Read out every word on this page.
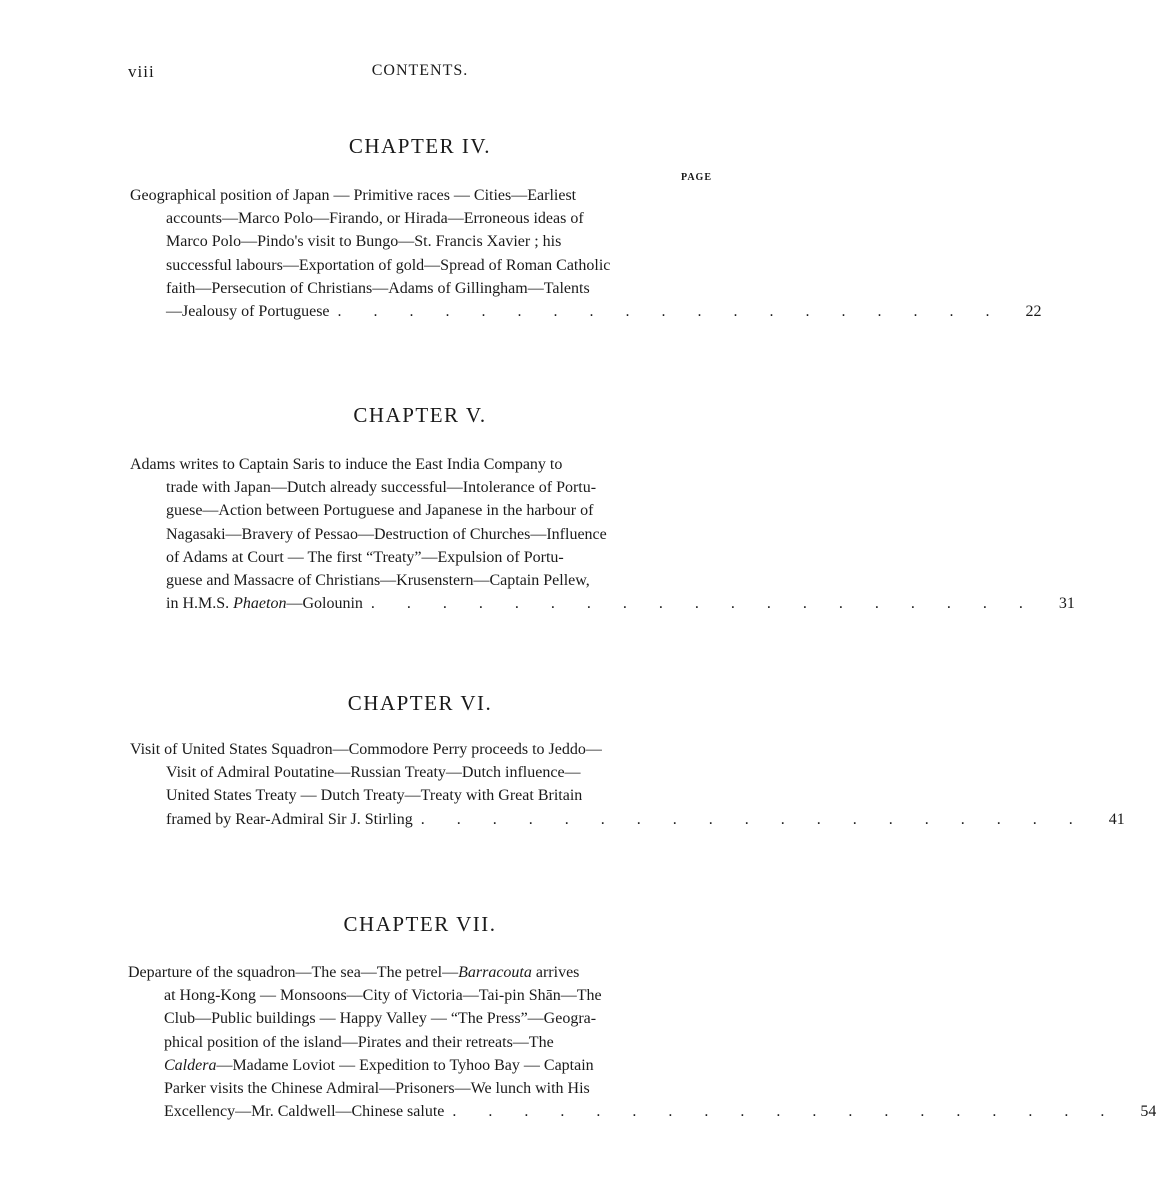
viii	CONTENTS.
CHAPTER IV.
PAGE
Geographical position of Japan — Primitive races — Cities—Earliest
accounts—Marco Polo—Firando, or Hirada—Erroneous ideas of
Marco Polo—Pindo's visit to Bungo—St. Francis Xavier ; his
successful labours—Exportation of gold—Spread of Roman Catholic
faith—Persecution of Christians—Adams of Gillingham—Talents
—Jealousy of Portuguese . . . . . . . . . . . . . . . . . . .	22
CHAPTER V.
Adams writes to Captain Saris to induce the East India Company to
trade with Japan—Dutch already successful—Intolerance of Portu-
guese—Action between Portuguese and Japanese in the harbour of
Nagasaki—Bravery of Pessao—Destruction of Churches—Influence
of Adams at Court — The first “Treaty”—Expulsion of Portu-
guese and Massacre of Christians—Krusenstern—Captain Pellew,
in H.M.S. Phaeton—Golounin . . . . . . . . . . . . . . . . . . .	31
CHAPTER VI.
Visit of United States Squadron—Commodore Perry proceeds to Jeddo—
Visit of Admiral Poutatine—Russian Treaty—Dutch influence—
United States Treaty — Dutch Treaty—Treaty with Great Britain
framed by Rear-Admiral Sir J. Stirling . . . . . . . . . . . . . . . . . . .	41
CHAPTER VII.
Departure of the squadron—The sea—The petrel—Barracouta arrives
at Hong-Kong — Monsoons—City of Victoria—Tai-pin Shān—The
Club—Public buildings — Happy Valley — “The Press”—Geogra-
phical position of the island—Pirates and their retreats—The
Caldera—Madame Loviot — Expedition to Tyhoo Bay — Captain
Parker visits the Chinese Admiral—Prisoners—We lunch with His
Excellency—Mr. Caldwell—Chinese salute . . . . . . . . . . . . . . . . . . .	54
